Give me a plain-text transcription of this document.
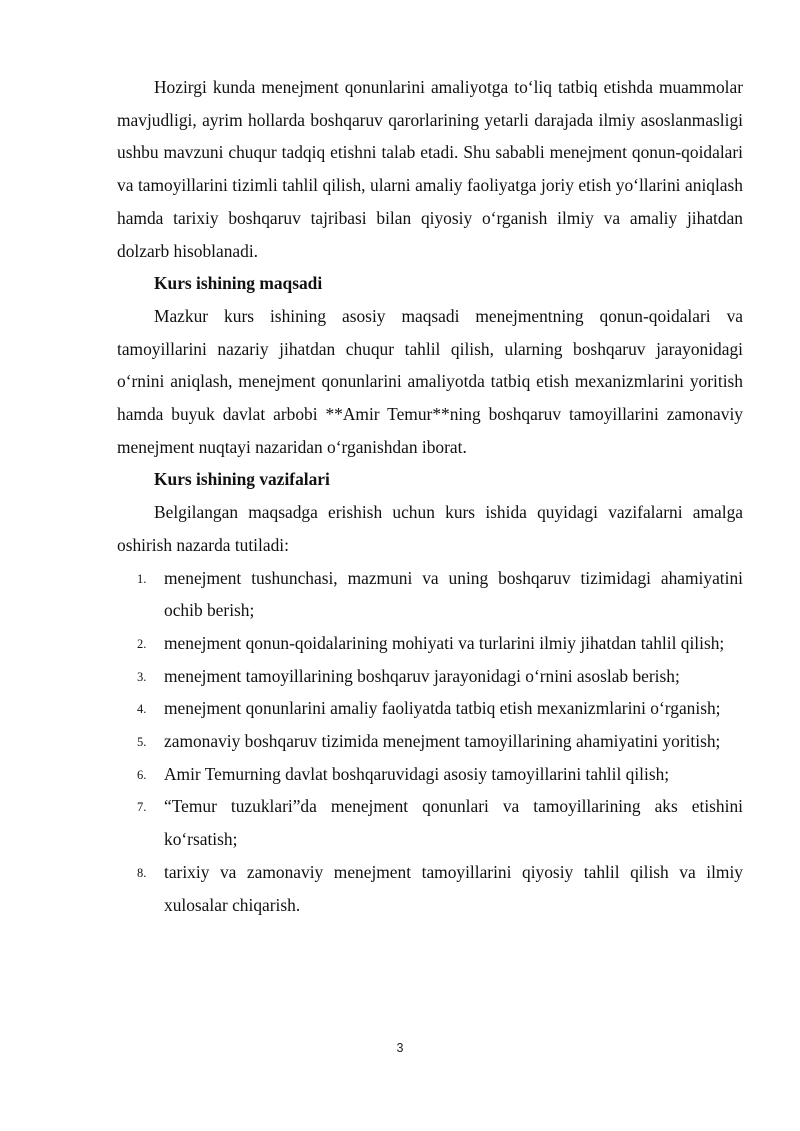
Hozirgi kunda menejment qonunlarini amaliyotga to‘liq tatbiq etishda muammolar mavjudligi, ayrim hollarda boshqaruv qarorlarining yetarli darajada ilmiy asoslanmasligi ushbu mavzuni chuqur tadqiq etishni talab etadi. Shu sababli menejment qonun-qoidalari va tamoyillarini tizimli tahlil qilish, ularni amaliy faoliyatga joriy etish yo‘llarini aniqlash hamda tarixiy boshqaruv tajribasi bilan qiyosiy o‘rganish ilmiy va amaliy jihatdan dolzarb hisoblanadi.

Kurs ishining maqsadi

Mazkur kurs ishining asosiy maqsadi menejmentning qonun-qoidalari va tamoyillarini nazariy jihatdan chuqur tahlil qilish, ularning boshqaruv jarayonidagi o‘rnini aniqlash, menejment qonunlarini amaliyotda tatbiq etish mexanizmlarini yoritish hamda buyuk davlat arbobi **Amir Temur**ning boshqaruv tamoyillarini zamonaviy menejment nuqtayi nazaridan o‘rganishdan iborat.

Kurs ishining vazifalari

Belgilangan maqsadga erishish uchun kurs ishida quyidagi vazifalarni amalga oshirish nazarda tutiladi:

1. menejment tushunchasi, mazmuni va uning boshqaruv tizimidagi ahamiyatini ochib berish;
2. menejment qonun-qoidalarining mohiyati va turlarini ilmiy jihatdan tahlil qilish;
3. menejment tamoyillarining boshqaruv jarayonidagi o‘rnini asoslab berish;
4. menejment qonunlarini amaliy faoliyatda tatbiq etish mexanizmlarini o‘rganish;
5. zamonaviy boshqaruv tizimida menejment tamoyillarining ahamiyatini yoritish;
6. Amir Temurning davlat boshqaruvidagi asosiy tamoyillarini tahlil qilish;
7. “Temur tuzuklari”da menejment qonunlari va tamoyillarining aks etishini ko‘rsatish;
8. tarixiy va zamonaviy menejment tamoyillarini qiyosiy tahlil qilish va ilmiy xulosalar chiqarish.
3
